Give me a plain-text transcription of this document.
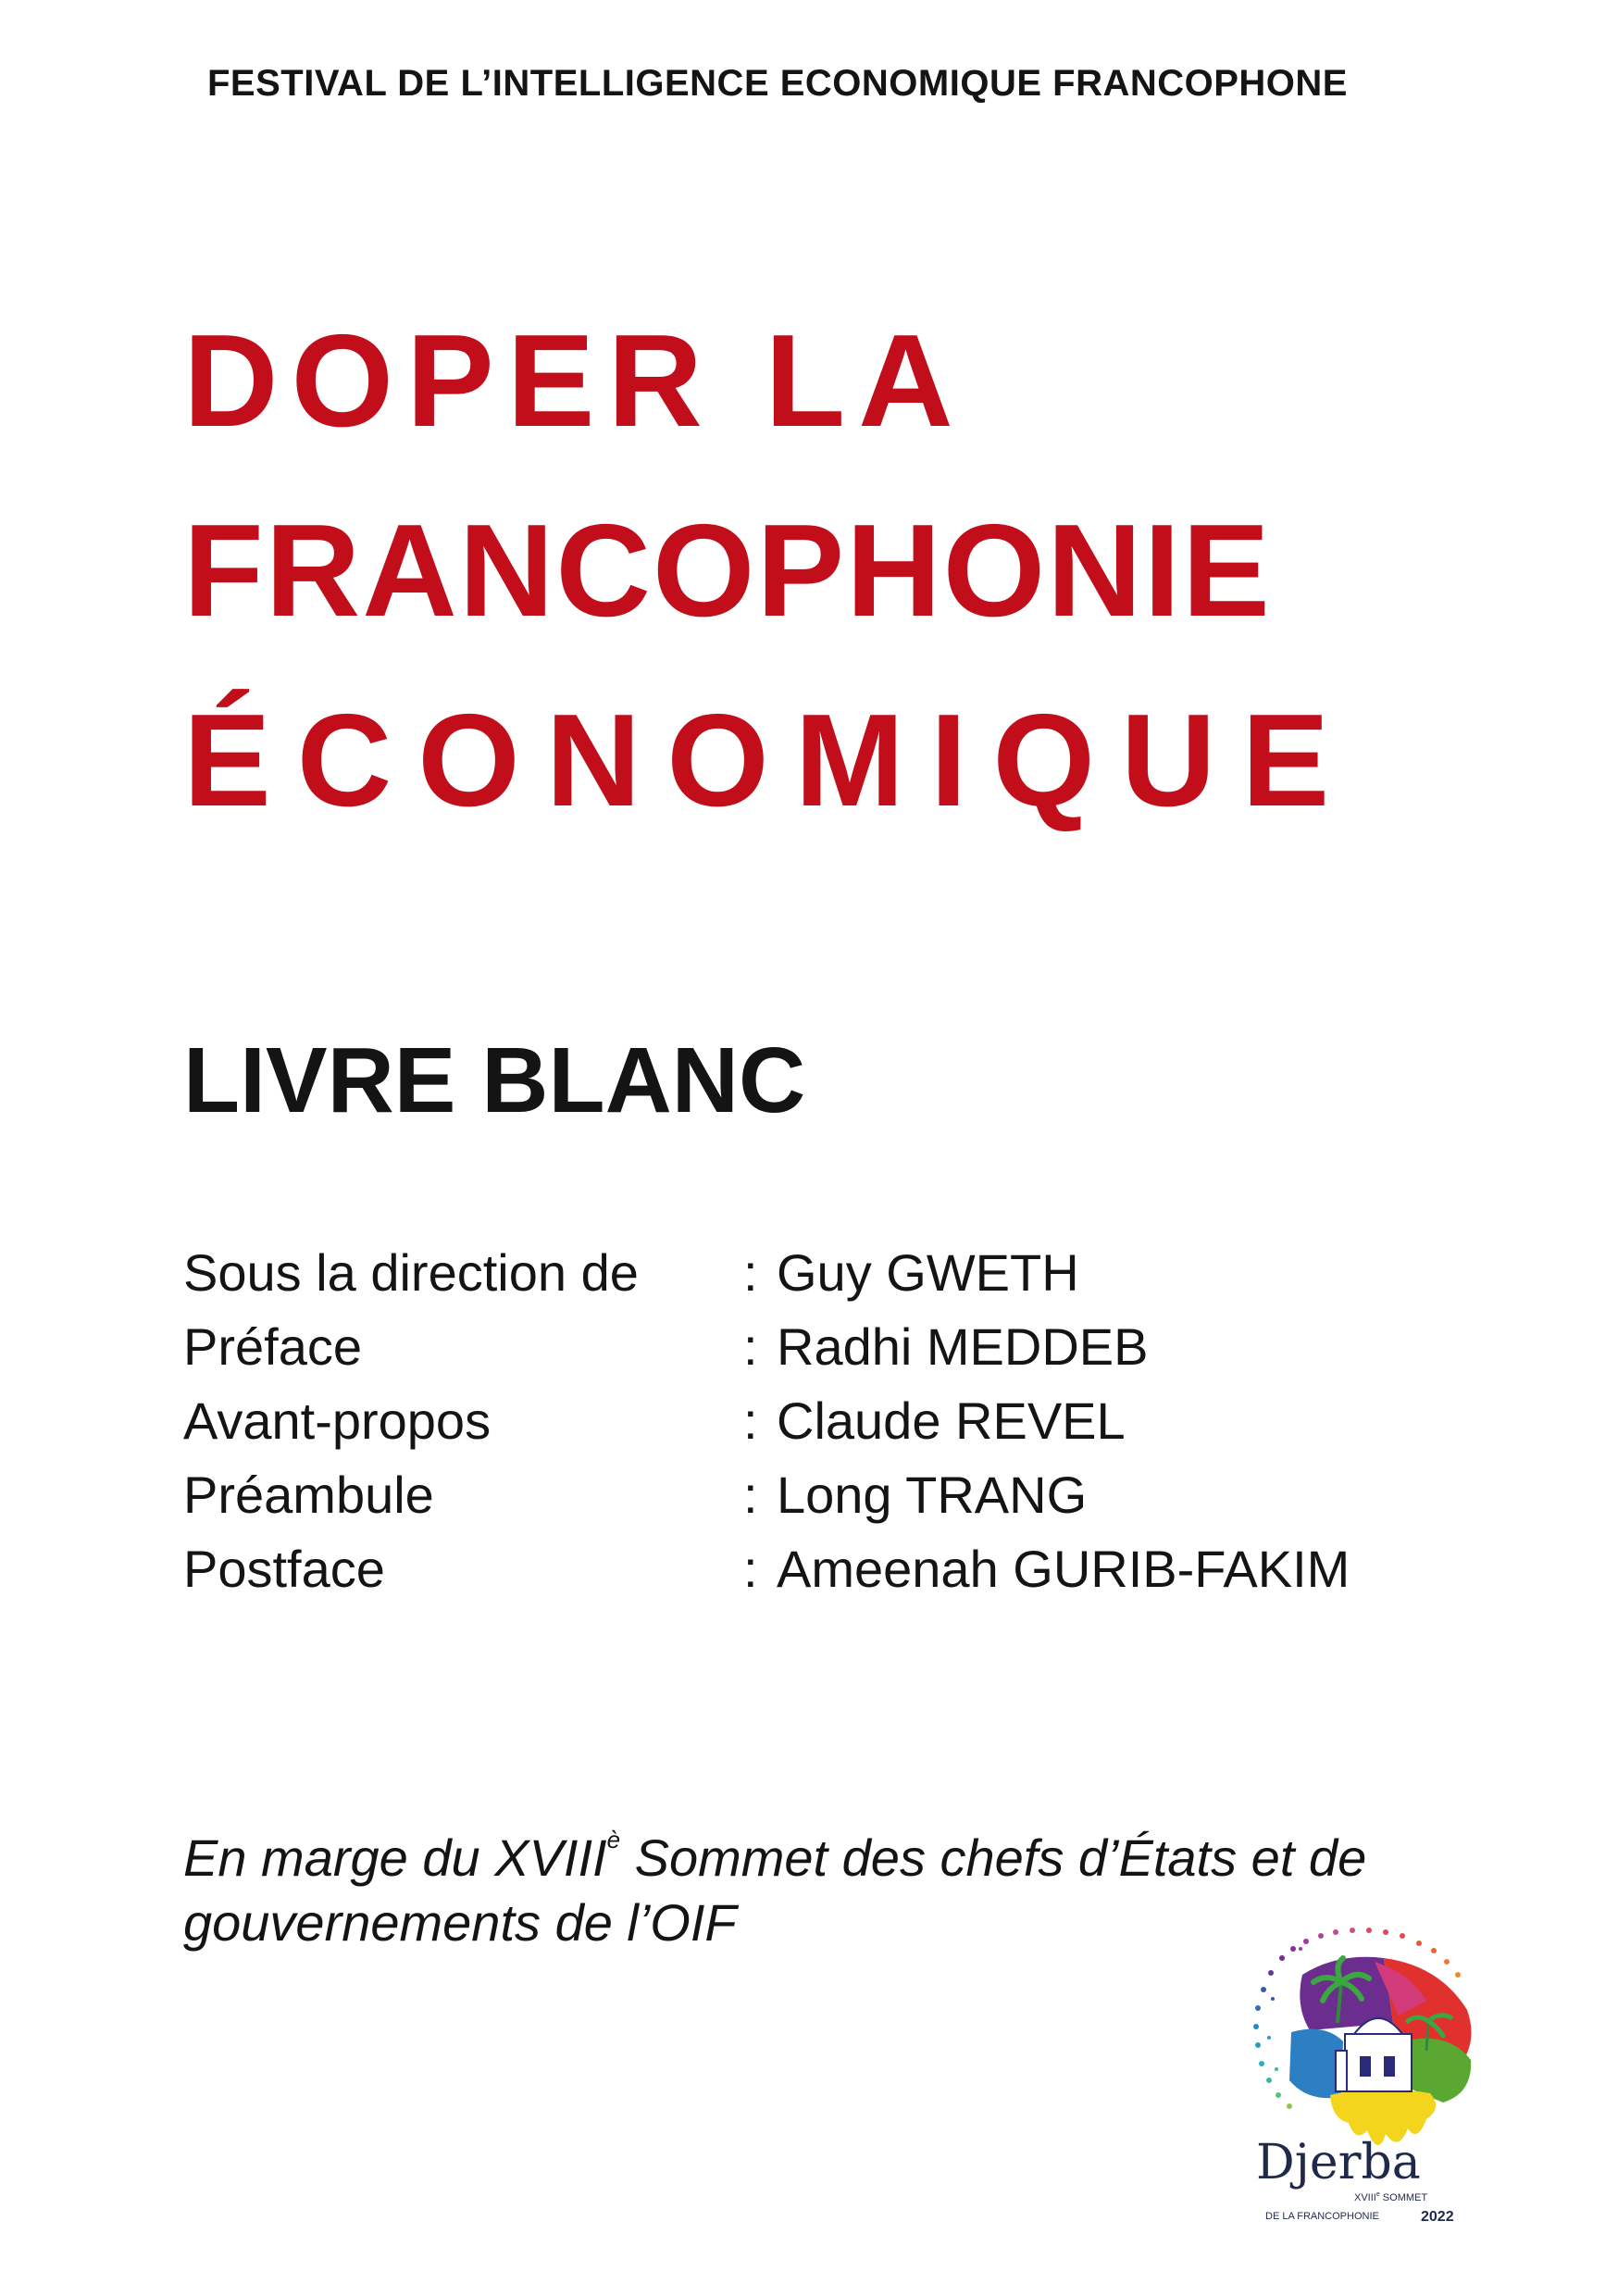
FESTIVAL DE L’INTELLIGENCE ECONOMIQUE FRANCOPHONE
DOPER LA
FRANCOPHONIE
ÉCONOMIQUE
LIVRE BLANC
Sous la direction de	: Guy GWETH
Préface	: Radhi MEDDEB
Avant-propos	: Claude REVEL
Préambule	: Long TRANG
Postface	: Ameenah GURIB-FAKIM
En marge du $XVIII^è$ Sommet des chefs d’États et de gouvernements de l’OIF
Djerba
XVIIIe SOMMET
DE LA FRANCOPHONIE	2022
